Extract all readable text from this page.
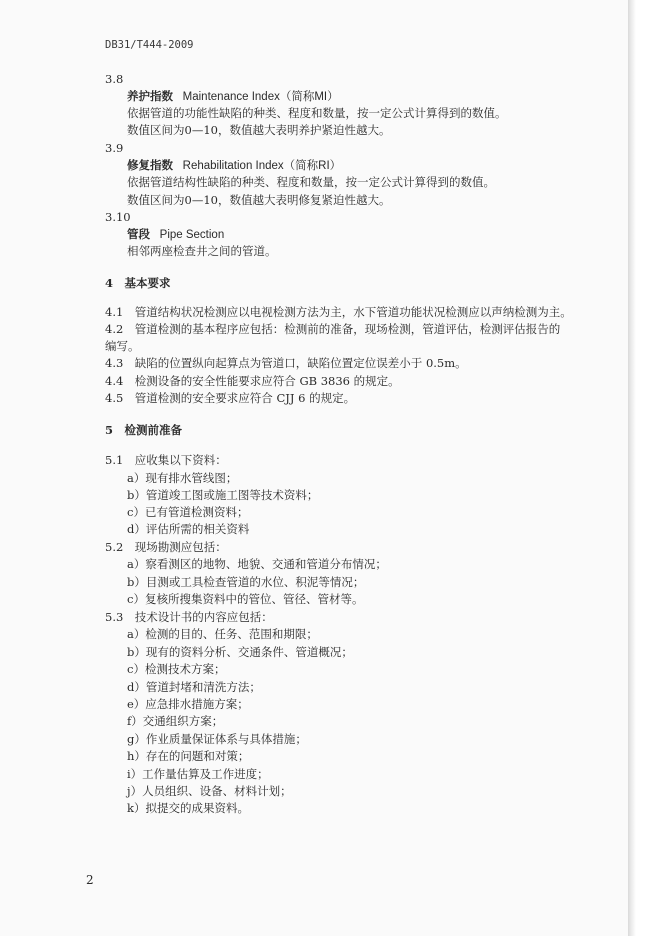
DB31/T444-2009
3.8
养护指数 Maintenance Index（简称MI）
依据管道的功能性缺陷的种类、程度和数量，按一定公式计算得到的数值。
数值区间为0—10，数值越大表明养护紧迫性越大。
3.9
修复指数 Rehabilitation Index（简称RI）
依据管道结构性缺陷的种类、程度和数量，按一定公式计算得到的数值。
数值区间为0—10，数值越大表明修复紧迫性越大。
3.10
管段 Pipe Section
相邻两座检查井之间的管道。
4　基本要求
4.1　管道结构状况检测应以电视检测方法为主，水下管道功能状况检测应以声纳检测为主。
4.2　管道检测的基本程序应包括：检测前的准备，现场检测，管道评估，检测评估报告的
编写。
4.3　缺陷的位置纵向起算点为管道口，缺陷位置定位误差小于 0.5m。
4.4　检测设备的安全性能要求应符合 GB 3836 的规定。
4.5　管道检测的安全要求应符合 CJJ 6 的规定。
5　检测前准备
5.1　应收集以下资料：
a）现有排水管线图；
b）管道竣工图或施工图等技术资料；
c）已有管道检测资料；
d）评估所需的相关资料
5.2　现场勘测应包括：
a）察看测区的地物、地貌、交通和管道分布情况；
b）目测或工具检查管道的水位、积泥等情况；
c）复核所搜集资料中的管位、管径、管材等。
5.3　技术设计书的内容应包括：
a）检测的目的、任务、范围和期限；
b）现有的资料分析、交通条件、管道概况；
c）检测技术方案；
d）管道封堵和清洗方法；
e）应急排水措施方案；
f）交通组织方案；
g）作业质量保证体系与具体措施；
h）存在的问题和对策；
i）工作量估算及工作进度；
j）人员组织、设备、材料计划；
k）拟提交的成果资料。
2
